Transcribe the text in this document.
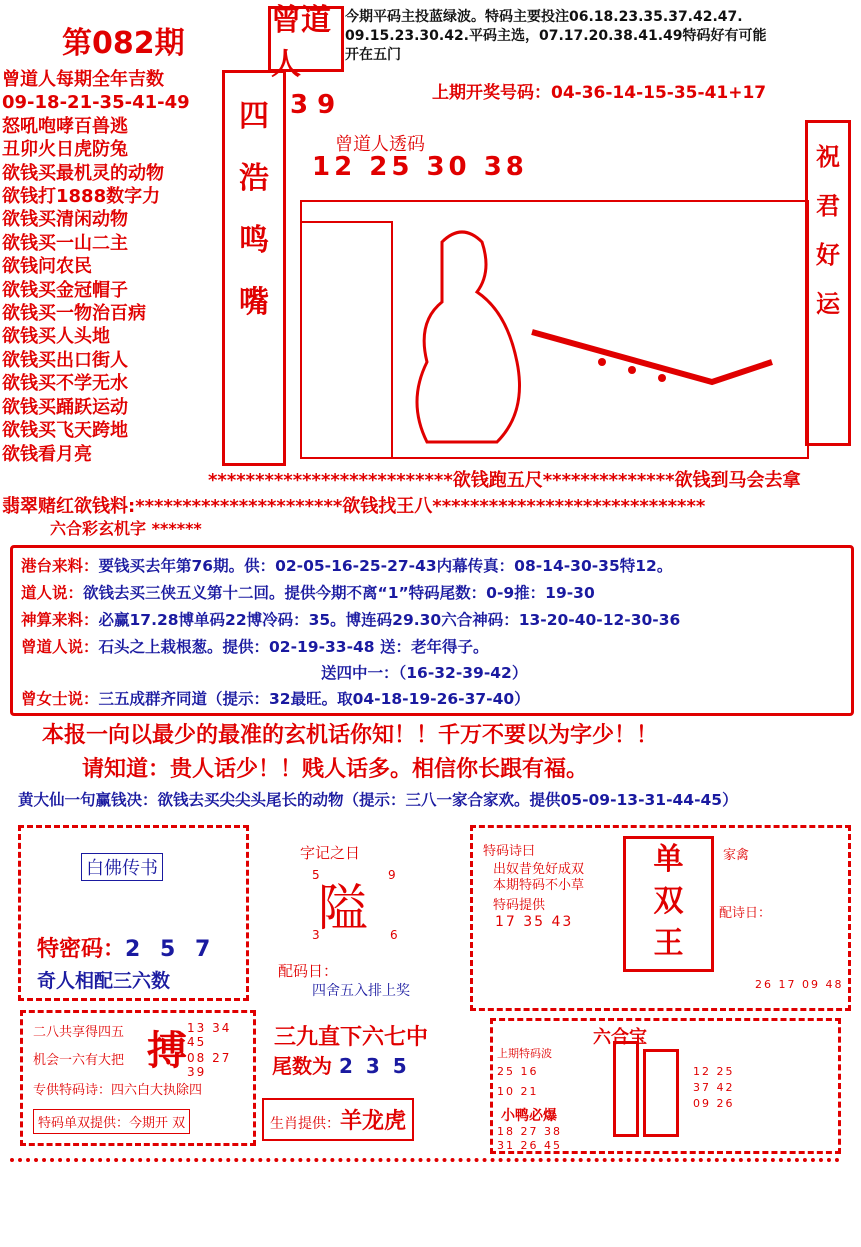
第082期
曾道人
今期平码主投蓝绿波。特码主要投注06.18.23.35.37.42.47.
09.15.23.30.42.平码主选，07.17.20.38.41.49特码好有可能
开在五门
上期开奖号码：04-36-14-15-35-41+17
曾道人每期全年吉数
09-18-21-35-41-49
怒吼咆哮百兽逃
丑卯火日虎防兔
欲钱买最机灵的动物
欲钱打1888数字力
欲钱买清闲动物
欲钱买一山二主
欲钱问农民
欲钱买金冠帽子
欲钱买一物治百病
欲钱买人头地
欲钱买出口街人
欲钱买不学无水
欲钱买踊跃运动
欲钱买飞天跨地
欲钱看月亮
四
浩
鸣
嘴
3 9
曾道人透码
12 25 30 38	祝
君
好
运
**************************欲钱跑五尺**************欲钱到马会去拿
翡翠赌红欲钱料:**********************欲钱找王八*****************************
六合彩玄机字 ******
港台来料：要钱买去年第76期。供：02-05-16-25-27-43内幕传真：08-14-30-35特12。
道人说：欲钱去买三侠五义第十二回。提供今期不离“1”特码尾数：0-9推：19-30
神算来料：必赢17.28博单码22博冷码：35。博连码29.30六合神码：13-20-40-12-30-36
曾道人说：石头之上栽根葱。提供：02-19-33-48 送：老年得子。
送四中一：（16-32-39-42）
曾女士说：三五成群齐同道（提示：32最旺。取04-18-19-26-37-40）
本报一向以最少的最准的玄机话你知！！千万不要以为字少！！
请知道：贵人话少！！贱人话多。相信你长跟有福。
黄大仙一句赢钱决：欲钱去买尖尖头尾长的动物（提示：三八一家合家欢。提供05-09-13-31-44-45）
白佛传书
特密码：2 5 7
奇人相配三六数
字记之日
隘
5	9
3	6
配码日：
四舍五入排上奖
特码诗曰
出奴昔免好成双
本期特码不小草
特码提供
17 35 43
单
双
王
家禽
配诗日：
26 17 09 48
二八共享得四五
机会一六有大把 搏 13 34 45
08 27 39
专供特码诗：四六白大执除四
特码单双提供：今期开 双
三九直下六七中
尾数为 2 3 5
生肖提供：羊龙虎
六合宝
上期特码波
25 16
10 21
小鸭必爆
18 27 38
31 26 45
12 25
37 42
09 26
